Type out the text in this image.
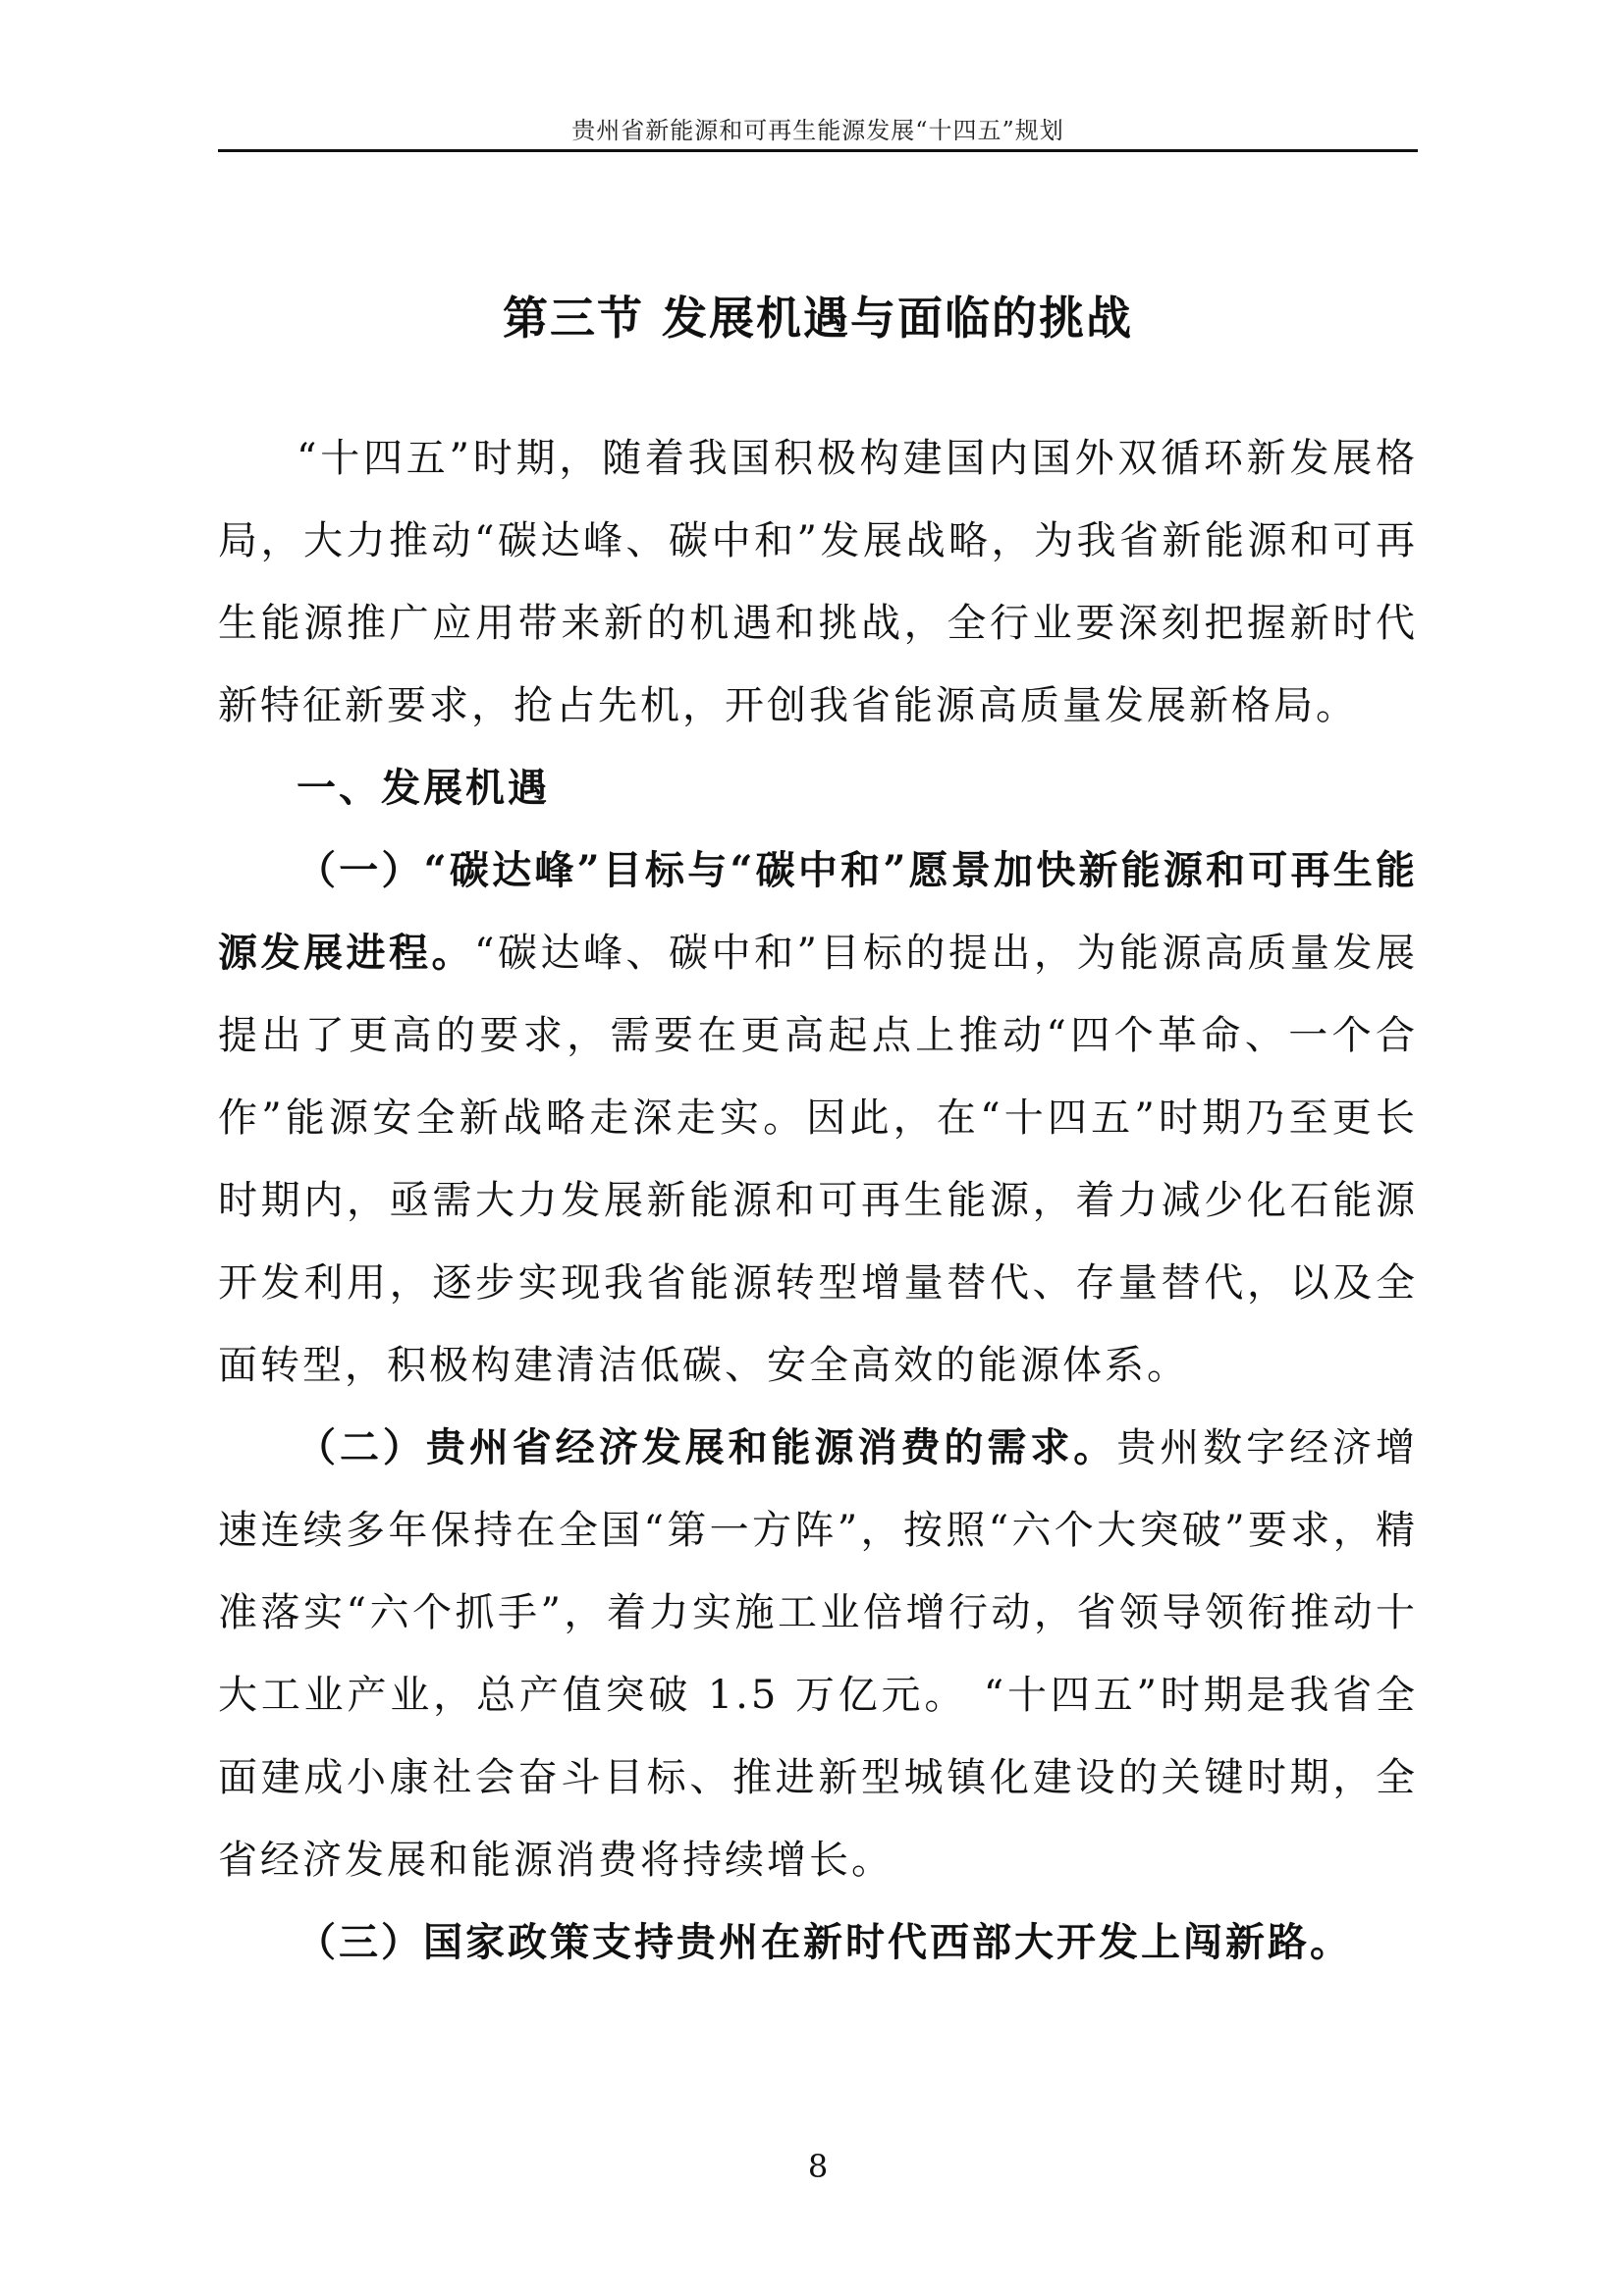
贵州省新能源和可再生能源发展“十四五”规划
第三节 发展机遇与面临的挑战

“十四五”时期，随着我国积极构建国内国外双循环新发展格局，大力推动“碳达峰、碳中和”发展战略，为我省新能源和可再生能源推广应用带来新的机遇和挑战，全行业要深刻把握新时代新特征新要求，抢占先机，开创我省能源高质量发展新格局。

一、发展机遇

（一）“碳达峰”目标与“碳中和”愿景加快新能源和可再生能源发展进程。“碳达峰、碳中和”目标的提出，为能源高质量发展提出了更高的要求，需要在更高起点上推动“四个革命、一个合作”能源安全新战略走深走实。因此，在“十四五”时期乃至更长时期内，亟需大力发展新能源和可再生能源，着力减少化石能源开发利用，逐步实现我省能源转型增量替代、存量替代，以及全面转型，积极构建清洁低碳、安全高效的能源体系。

（二）贵州省经济发展和能源消费的需求。贵州数字经济增速连续多年保持在全国“第一方阵”，按照“六个大突破”要求，精准落实“六个抓手”，着力实施工业倍增行动，省领导领衔推动十大工业产业，总产值突破 1.5 万亿元。 “十四五”时期是我省全面建成小康社会奋斗目标、推进新型城镇化建设的关键时期，全省经济发展和能源消费将持续增长。

（三）国家政策支持贵州在新时代西部大开发上闯新路。

8
